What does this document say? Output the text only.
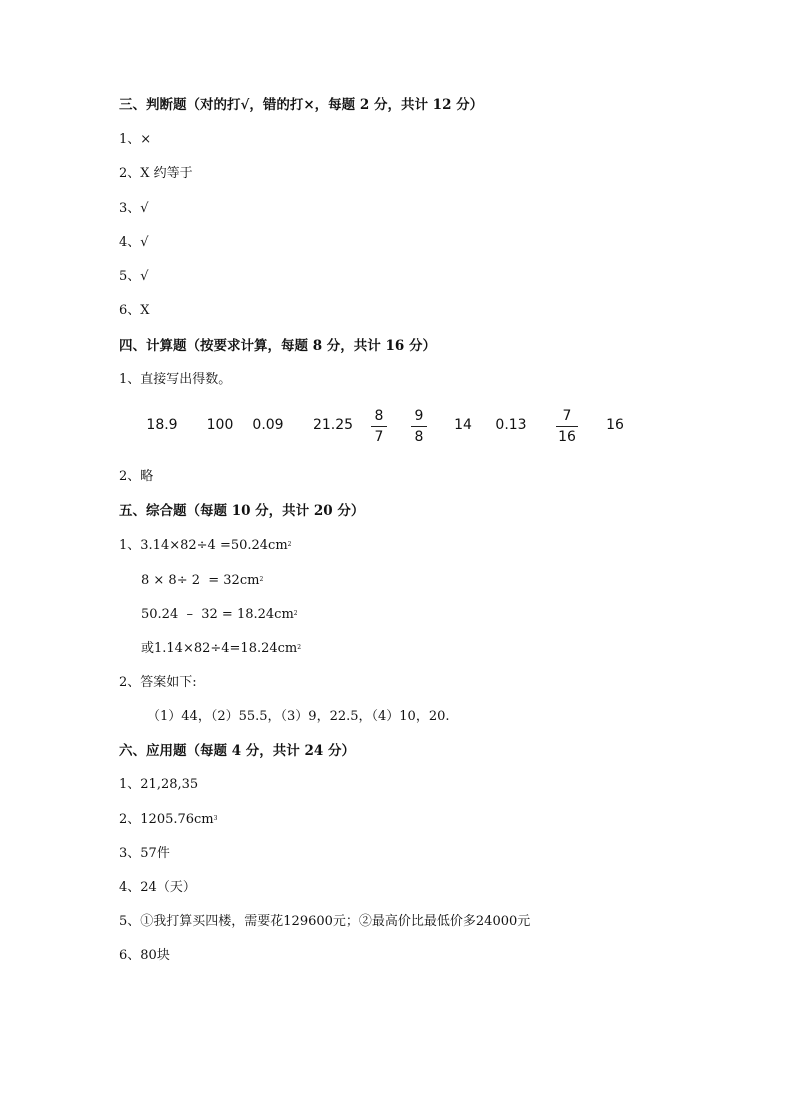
三、判断题（对的打√，错的打×，每题 2 分，共计 12 分）
1、×
2、X 约等于
3、√
4、√
5、√
6、X
四、计算题（按要求计算，每题 8 分，共计 16 分）
1、直接写出得数。
18.9 100 0.09 21.25
8
7
9
8
14 0.13
7
16
16
2、略
五、综合题（每题 10 分，共计 20 分）
1、$3.14\times 82\div 4 =50.24cm^2$
$8 \times 8\div 2 = 32cm^2$
$50.24 - 32 = 18.24cm^2$
或$1.14\times 82\div 4=18.24cm^2$
2、答案如下:
（1）44，（2）55.5，（3）9，22.5，（4）10，20.
六、应用题（每题 4 分，共计 24 分）
1、21,28,35
2、$1205.76cm^3$
3、57件
4、24（天）
5、①我打算买四楼，需要花129600元；②最高价比最低价多24000元
6、80块
